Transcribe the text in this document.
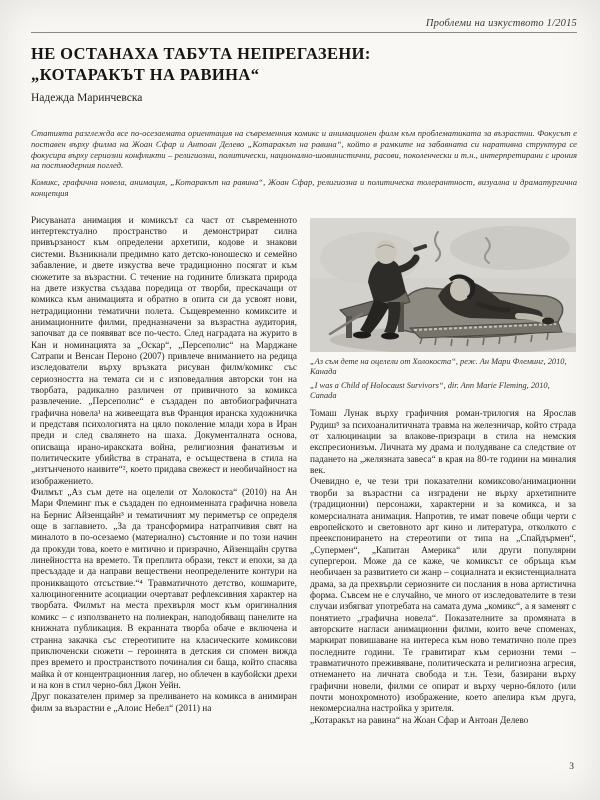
Проблеми на изкуството 1/2015
НЕ ОСТАНАХА ТАБУТА НЕПРЕГАЗЕНИ:
„КОТАРАКЪТ НА РАВИНА“
Надежда Маринчевска
Статията разглежда все по-осезаемата ориентация на съвременния комикс и анимационен филм към проблематиката за възрастни. Фокусът е поставен върху филма на Жоан Сфар и Антоан Делево „Котаракът на равина“, който в рамките на забавната си наративна структура се фокусира върху сериозни конфликти – религиозни, политически, национално-шовинистични, расови, поколенчески и т.н., интерпретирани с ирония на постмодерния поглед.
Комикс, графична новела, анимация, „Котаракът на равина“, Жоан Сфар, религиозна и политическа толерантност, визуална и драматургична концепция

Рисуваната анимация и комиксът са част от съвременното интертекстуално пространство и демонстрират силна привързаност към определени архетипи, кодове и знакови системи. Възникнали предимно като детско-юношеско и семейно забавление, и двете изкуства вече традиционно посягат и към сюжетите за възрастни. С течение на годините близката природа на двете изкуства създава поредица от творби, прескачащи от комикса към анимацията и обратно в опита си да усвоят нови, нетрадиционни тематични полета. Същевременно комиксите и анимационните филми, предназначени за възрастна аудитория, започват да се появяват все по-често. След наградата на журито в Кан и номинацията за „Оскар“, „Персеполис“ на Марджане Сатрапи и Венсан Пероно (2007) привлече вниманието на редица изследователи върху връзката рисуван филм/комикс със сериозността на темата си и с изповедалния авторски тон на творбата, радикално различен от привичното за комикса развлечение. „Персеполис“ е създаден по автобиографичната графична новела¹ на живеещата във Франция иранска художничка и представя психологията на цяло поколение млади хора в Иран преди и след свалянето на шаха. Документалната основа, описваща ирано-иракската война, религиозния фанатизъм и политическите убийства в страната, е осъществена в стила на „изтънченото наивите“², което придава свежест и необичайност на изображението.

Филмът „Аз съм дете на оцелели от Холокоста“ (2010) на Ан Мари Флеминг пък е създаден по едноименната графична новела на Бернис Айзенщайн³ и тематичният му периметър се определя още в заглавието. „За да трансформира натрапчивия свят на миналото в по-осезаемо (материално) състояние и по този начин да прокуди това, което е митично и призрачно, Айзенщайн срутва линейността на времето. Тя преплита образи, текст и епохи, за да пресъздаде и да направи веществени неопределените контури на проникващото отсъствие.“⁴ Травматичното детство, кошмарите, халюциногенните асоциации очертават рефлексивния характер на творбата. Филмът на места прехвърля мост към оригиналния комикс – с използването на полиекран, наподобяващ панелите на книжната публикация. В екранната творба обаче е включена и странна закачка със стереотипите на класическите комиксови приключенски сюжети – героинята в детския си спомен вижда през времето и пространството починалия си баща, който спасява майка ѝ от концентрационния лагер, но облечен в каубойски дрехи и на кон в стил черно-бял Джон Уейн.

Друг показателен пример за преливането на комикса в анимиран филм за възрастни е „Алоис Небел“ (2011) на

„Аз съм дете на оцелели от Холокоста“, реж. Ан Мари Флеминг, 2010, Канада

„I was a Child of Holocaust Survivors“, dir. Ann Marie Fleming, 2010, Canada

Томаш Лунак върху графичния роман-трилогия на Ярослав Рудиш⁵ за психоаналитичната травма на железничар, който страда от халюцинации за влакове-призраци в стила на немския експресионизъм. Личната му драма и полудяване са следствие от падането на „желязната завеса“ в края на 80-те години на миналия век.

Очевидно е, че тези три показателни комиксово/анимационни творби за възрастни са изградени не върху архетипните (традиционни) персонажи, характерни и за комикса, и за комерсиалната анимация. Напротив, те имат повече общи черти с европейското и световното арт кино и литература, отколкото с преекспонирането на стереотипи от типа на „Спайдърмен“, „Супермен“, „Капитан Америка“ или други популярни супергерои. Може да се каже, че комиксът се обръща към необичаен за развитието си жанр – социалната и екзистенциалната драма, за да прехвърли сериозните си послания в нова артистична форма. Съвсем не е случайно, че много от изследователите в тези случаи избягват употребата на самата дума „комикс“, а я заменят с понятието „графична новела“. Показателните за промяната в авторските нагласи анимационни филми, които вече споменах, маркират повишаване на интереса към ново тематично поле през последните години. Те гравитират към сериозни теми – травматичното преживяване, политическата и религиозна агресия, отнемането на личната свобода и т.н. Тези, базирани върху графични новели, филми се опират и върху черно-бялото (или почти монохромното) изображение, което апелира към друга, некомерсиална настройка у зрителя.

„Котаракът на равина“ на Жоан Сфар и Антоан Делево

3
